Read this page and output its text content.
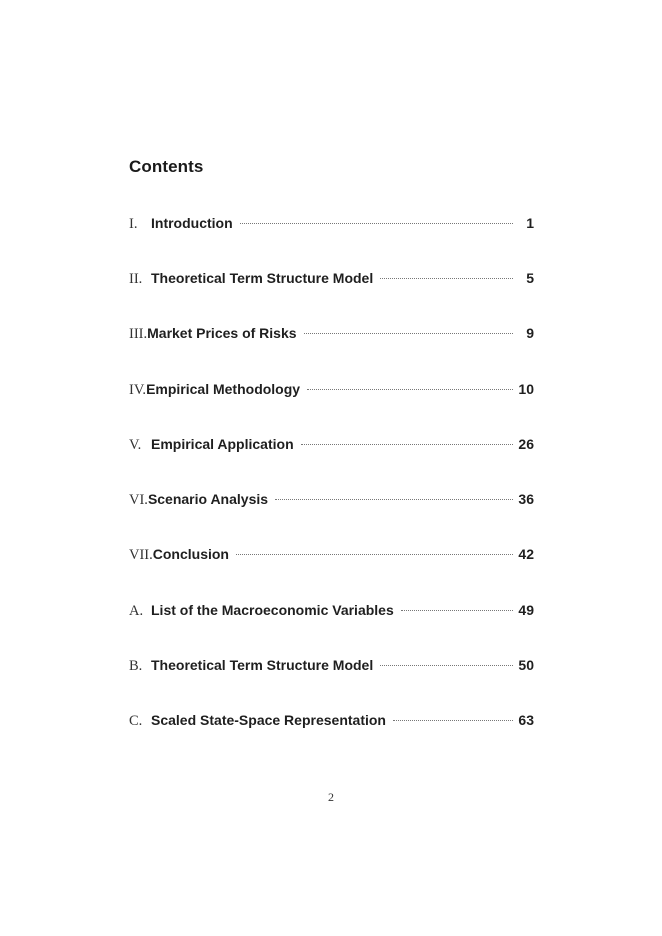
Contents
I. Introduction	1
II. Theoretical Term Structure Model	5
III. Market Prices of Risks	9
IV. Empirical Methodology	10
V. Empirical Application	26
VI. Scenario Analysis	36
VII. Conclusion	42
A. List of the Macroeconomic Variables	49
B. Theoretical Term Structure Model	50
C. Scaled State-Space Representation	63
2
